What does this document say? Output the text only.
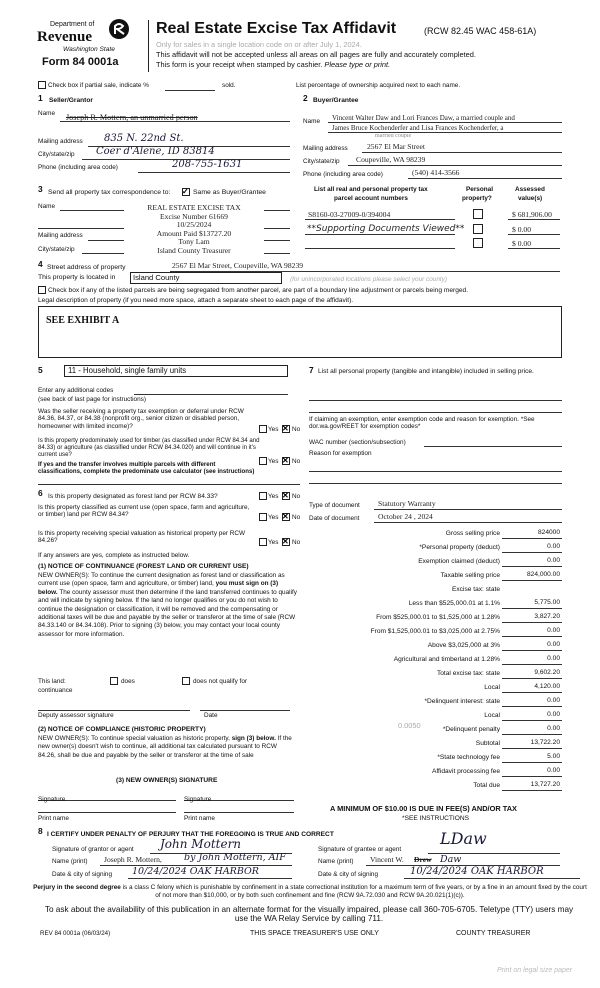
Department of
Revenue
Washington State
Form 84 0001a
Real Estate Excise Tax Affidavit	(RCW 82.45 WAC 458-61A)
Only for sales in a single location code on or after July 1, 2024.
This affidavit will not be accepted unless all areas on all pages are fully and accurately completed.
This form is your receipt when stamped by cashier. Please type or print.
Check box if partial sale, indicate %	sold.	List percentage of ownership acquired next to each name.
1 Seller/Grantor
Name Joseph R. Mottern, an unmarried person
Mailing address 835 N. 22nd St.
City/state/zip Coer d'Alene, ID 83814
Phone (including area code)	208-755-1631
2 Buyer/Grantee
Name Vincent Walter Daw and Lori Frances Daw, a married couple and
James Bruce Kochenderfer and Lisa Frances Kochenderfer, a
married couple
Mailing address	2567 El Mar Street
City/state/zip Coupeville, WA 98239
Phone (including area code)	(540) 414-3566
3 Send all property tax correspondence to: ✓ Same as Buyer/Grantee
Name
Mailing address
City/state/zip
REAL ESTATE EXCISE TAX
Excise Number 61669
10/25/2024
Amount Paid $13727.20
Tony Lam
Island County Treasurer
List all real and personal property tax
parcel account numbers
Personal
property?
Assessed
value(s)
S8160-03-27009-0/394004	$ 681,906.00
**Supporting Documents Viewed**	$ 0.00
$ 0.00
4 Street address of property	2567 El Mar Street, Coupeville, WA 98239
This property is located in Island County	(for unincorporated locations please select your county)
Check box if any of the listed parcels are being segregated from another parcel, are part of a boundary line adjustment or parcels being merged.
Legal description of property (if you need more space, attach a separate sheet to each page of the affidavit).
SEE EXHIBIT A
5	11 - Household, single family units
Enter any additional codes
(see back of last page for instructions)
Was the seller receiving a property tax exemption or deferral under RCW 84.36, 84.37, or 84.38 (nonprofit org., senior citizen or disabled person, homeowner with limited income)?	Yes ✕ No
Is this property predominately used for timber (as classified under RCW 84.34 and 84.33) or agriculture (as classified under RCW 84.34.020) and will continue in it's current use?
If yes and the transfer involves multiple parcels with different classifications, complete the predominate use calculator (see instructions)
Yes ✕ No
6 Is this property designated as forest land per RCW 84.33?	Yes ✕ No
Is this property classified as current use (open space, farm and agriculture, or timber) land per RCW 84.34?	Yes ✕ No
Is this property receiving special valuation as historical property per RCW 84.26?	Yes ✕ No
If any answers are yes, complete as instructed below.
(1) NOTICE OF CONTINUANCE (FOREST LAND OR CURRENT USE)
NEW OWNER(S): To continue the current designation as forest land or classification as current use (open space, farm and agriculture, or timber) land, you must sign on (3) below. The county assessor must then determine if the land transferred continues to qualify and will indicate by signing below. If the land no longer qualifies or you do not wish to continue the designation or classification, it will be removed and the compensating or additional taxes will be due and payable by the seller or transferor at the time of sale (RCW 84.33.140 or 84.34.108). Prior to signing (3) below, you may contact your local county assessor for more information.
This land:	does	does not qualify for
continuance
Deputy assessor signature	Date
(2) NOTICE OF COMPLIANCE (HISTORIC PROPERTY)
NEW OWNER(S): To continue special valuation as historic property, sign (3) below. If the new owner(s) doesn't wish to continue, all additional tax calculated pursuant to RCW 84.26, shall be due and payable by the seller or transferor at the time of sale
(3) NEW OWNER(S) SIGNATURE
Signature	Signature
Print name	Print name
7 List all personal property (tangible and intangible) included in selling price.
If claiming an exemption, enter exemption code and reason for exemption. *See dor.wa.gov/REET for exemption codes*
WAC number (section/subsection)
Reason for exemption
Type of document Statutory Warranty
Date of document October 24 , 2024
Gross selling price	824000
*Personal property (deduct)	0.00
Exemption claimed (deduct)	0.00
Taxable selling price	824,000.00
Excise tax: state
Less than $525,000.01 at 1.1%	5,775.00
From $525,000.01 to $1,525,000 at 1.28%	3,827.20
From $1,525,000.01 to $3,025,000 at 2.75%	0.00
Above $3,025,000 at 3%	0.00
Agricultural and timberland at 1.28%	0.00
Total excise tax: state	9,602.20
Local	4,120.00
*Delinquent interest: state	0.00
Local	0.00
*Delinquent penalty	0.00
Subtotal	13,722.20
*State technology fee	5.00
Affidavit processing fee	0.00
Total due	13,727.20
0.0050
A MINIMUM OF $10.00 IS DUE IN FEE(S) AND/OR TAX
*SEE INSTRUCTIONS
8 I CERTIFY UNDER PENALTY OF PERJURY THAT THE FOREGOING IS TRUE AND CORRECT
Signature of grantor or agent John Mottern
Name (print) Joseph R. Mottern, by John Mottern, AIF
Date & city of signing 10/24/2024 OAK HARBOR
Signature of grantee or agent
LDaw
Name (print) Vincent W. Drew Daw
Date & city of signing	10/24/2024 OAK HARBOR
Perjury in the second degree is a class C felony which is punishable by confinement in a state correctional institution for a maximum term of five years, or by a fine in an amount fixed by the court of not more than $10,000, or by both such confinement and fine (RCW 9A.72.030 and RCW 9A.20.021(1)(c)).
To ask about the availability of this publication in an alternate format for the visually impaired, please call 360-705-6705. Teletype (TTY) users may use the WA Relay Service by calling 711.
REV 84 0001a (06/03/24)	THIS SPACE TREASURER'S USE ONLY	COUNTY TREASURER
Print on legal size paper
